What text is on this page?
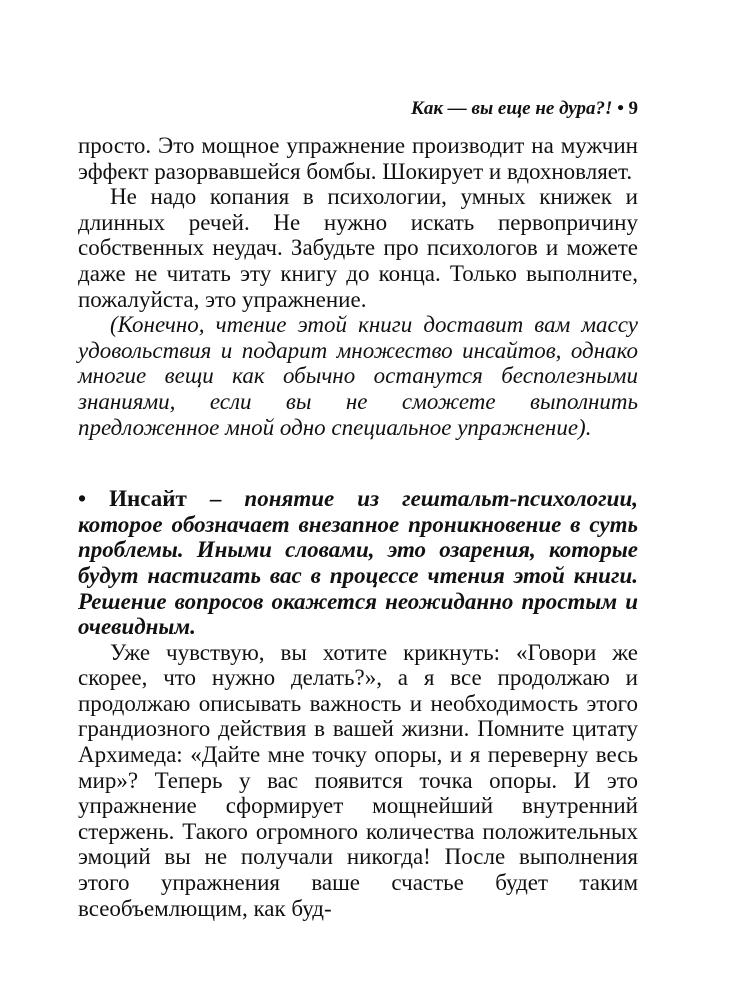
Как — вы еще не дура?! • 9

просто. Это мощное упражнение производит на мужчин эффект разорвавшейся бомбы. Шокирует и вдохновляет.

Не надо копания в психологии, умных книжек и длинных речей. Не нужно искать первопричину собственных неудач. Забудьте про психологов и можете даже не читать эту книгу до конца. Только выполните, пожалуйста, это упражнение.

(Конечно, чтение этой книги доставит вам массу удовольствия и подарит множество инсайтов, однако многие вещи как обычно останутся бесполезными знаниями, если вы не сможете выполнить предложенное мной одно специальное упражнение).

• Инсайт – понятие из гештальт-психологии, которое обозначает внезапное проникновение в суть проблемы. Иными словами, это озарения, которые будут настигать вас в процессе чтения этой книги. Решение вопросов окажется неожиданно простым и очевидным.

Уже чувствую, вы хотите крикнуть: «Говори же скорее, что нужно делать?», а я все продолжаю и продолжаю описывать важность и необходимость этого грандиозного действия в вашей жизни. Помните цитату Архимеда: «Дайте мне точку опоры, и я переверну весь мир»? Теперь у вас появится точка опоры. И это упражнение сформирует мощнейший внутренний стержень. Такого огромного количества положительных эмоций вы не получали никогда! После выполнения этого упражнения ваше счастье будет таким всеобъемлющим, как буд-
